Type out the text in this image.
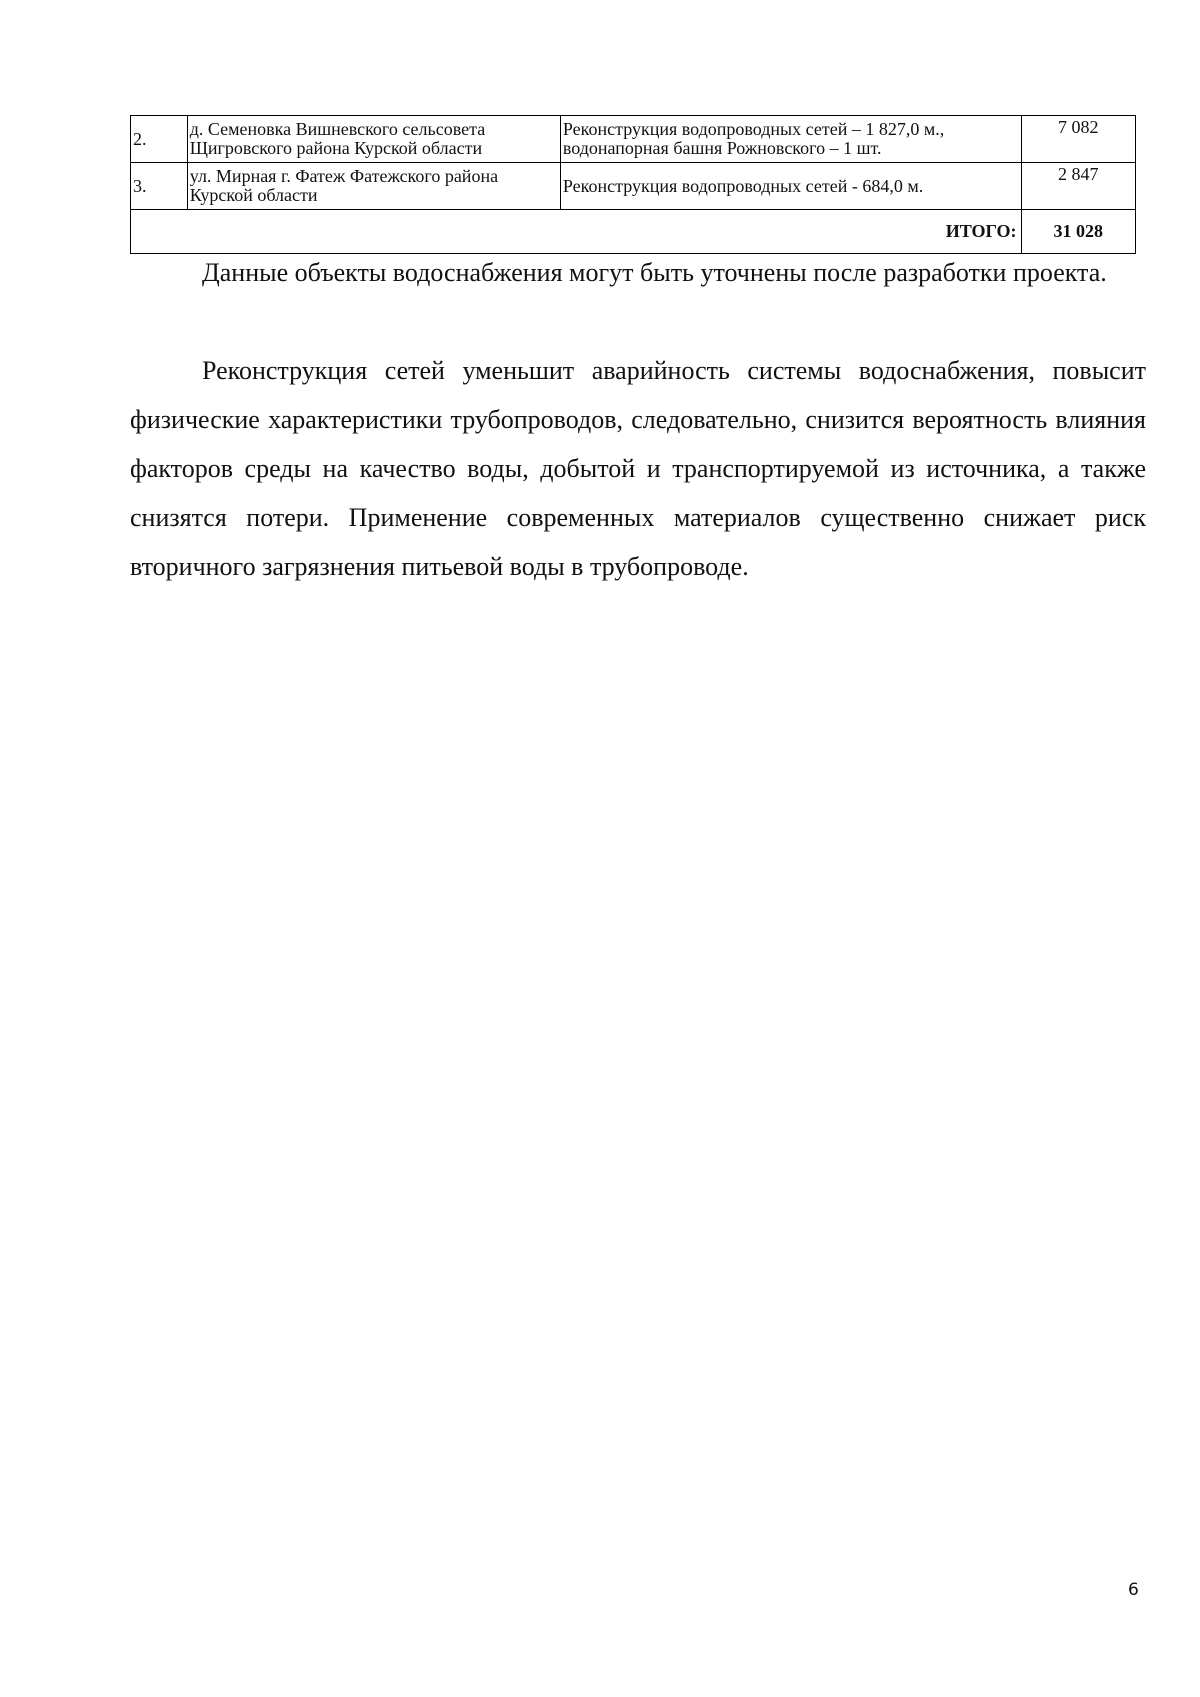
2.	д. Семеновка Вишневского сельсовета Щигровского района Курской области	Реконструкция водопроводных сетей – 1 827,0 м., водонапорная башня Рожновского – 1 шт.	7 082
3.	ул. Мирная г. Фатеж Фатежского района Курской области	Реконструкция водопроводных сетей - 684,0 м.	2 847
ИТОГО:			31 028

Данные объекты водоснабжения могут быть уточнены после разработки проекта.

Реконструкция сетей уменьшит аварийность системы водоснабжения, повысит физические характеристики трубопроводов, следовательно, снизится вероятность влияния факторов среды на качество воды, добытой и транспортируемой из источника, а также снизятся потери. Применение современных материалов существенно снижает риск вторичного загрязнения питьевой воды в трубопроводе.

6
